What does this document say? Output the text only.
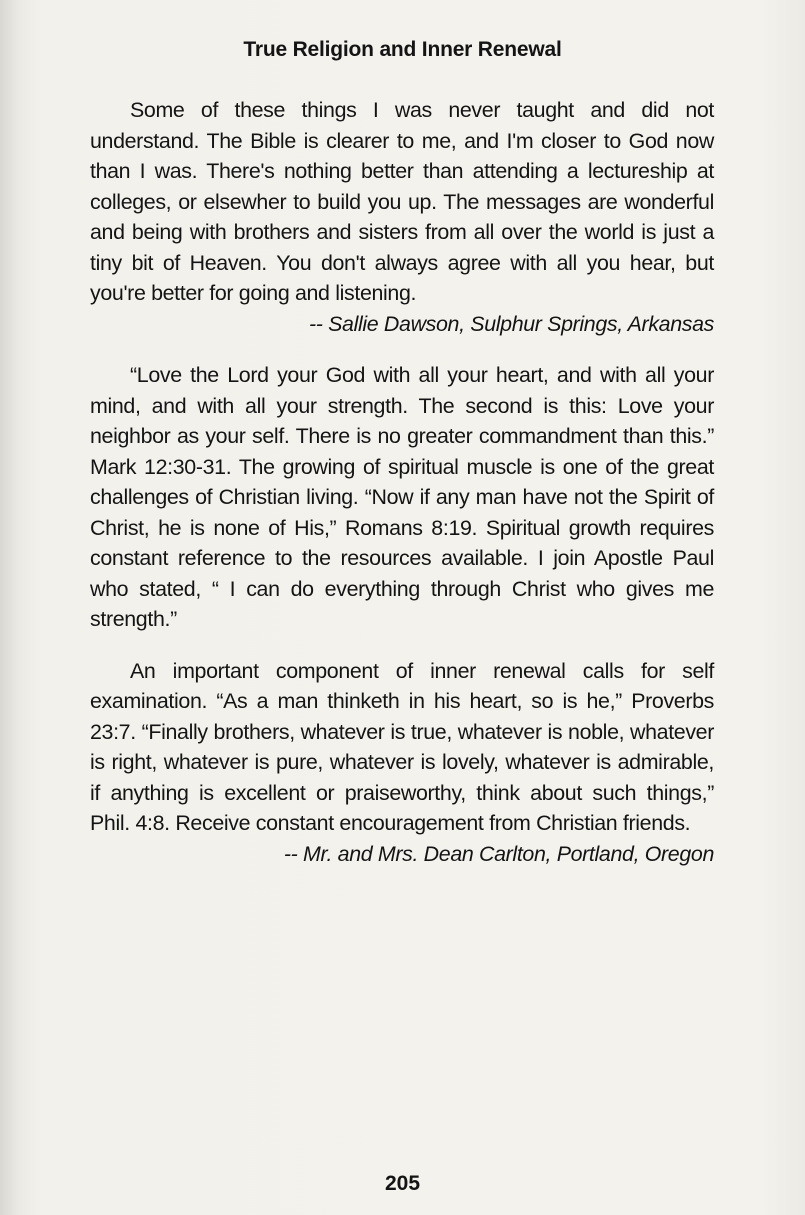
True Religion and Inner Renewal

Some of these things I was never taught and did not understand. The Bible is clearer to me, and I'm closer to God now than I was. There's nothing better than attending a lectureship at colleges, or elsewher to build you up. The messages are wonderful and being with brothers and sisters from all over the world is just a tiny bit of Heaven. You don't always agree with all you hear, but you're better for going and listening.

-- Sallie Dawson, Sulphur Springs, Arkansas

“Love the Lord your God with all your heart, and with all your mind, and with all your strength. The second is this: Love your neighbor as your self. There is no greater commandment than this.” Mark 12:30-31. The growing of spiritual muscle is one of the great challenges of Christian living. “Now if any man have not the Spirit of Christ, he is none of His,” Romans 8:19. Spiritual growth requires constant reference to the resources available. I join Apostle Paul who stated, “ I can do everything through Christ who gives me strength.”

An important component of inner renewal calls for self examination. “As a man thinketh in his heart, so is he,” Proverbs 23:7. “Finally brothers, whatever is true, whatever is noble, whatever is right, whatever is pure, whatever is lovely, whatever is admirable, if anything is excellent or praiseworthy, think about such things,” Phil. 4:8. Receive constant encouragement from Christian friends.

-- Mr. and Mrs. Dean Carlton, Portland, Oregon

205
